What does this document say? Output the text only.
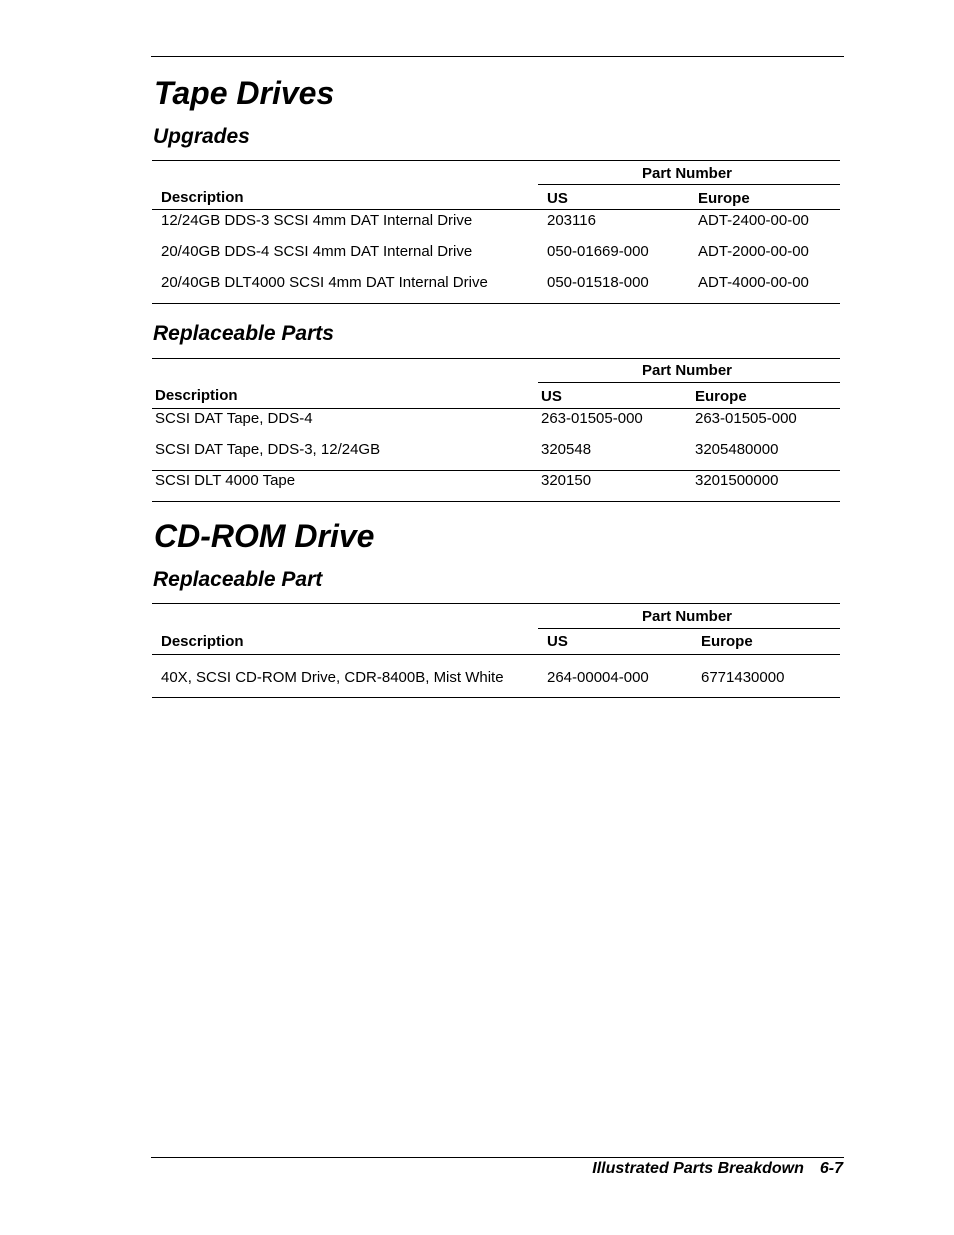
Tape Drives
Upgrades
Part Number
Description	US	Europe
12/24GB DDS-3 SCSI 4mm DAT Internal Drive	203116	ADT-2400-00-00
20/40GB DDS-4 SCSI 4mm DAT Internal Drive	050-01669-000	ADT-2000-00-00
20/40GB DLT4000 SCSI 4mm DAT Internal Drive	050-01518-000	ADT-4000-00-00
Replaceable Parts
Part Number
Description	US	Europe
SCSI DAT Tape, DDS-4	263-01505-000	263-01505-000
SCSI DAT Tape, DDS-3, 12/24GB	320548	3205480000
SCSI DLT 4000 Tape	320150	3201500000
CD-ROM Drive
Replaceable Part
Part Number
Description	US	Europe
40X, SCSI CD-ROM Drive, CDR-8400B, Mist White	264-00004-000	6771430000
Illustrated Parts Breakdown 6-7
